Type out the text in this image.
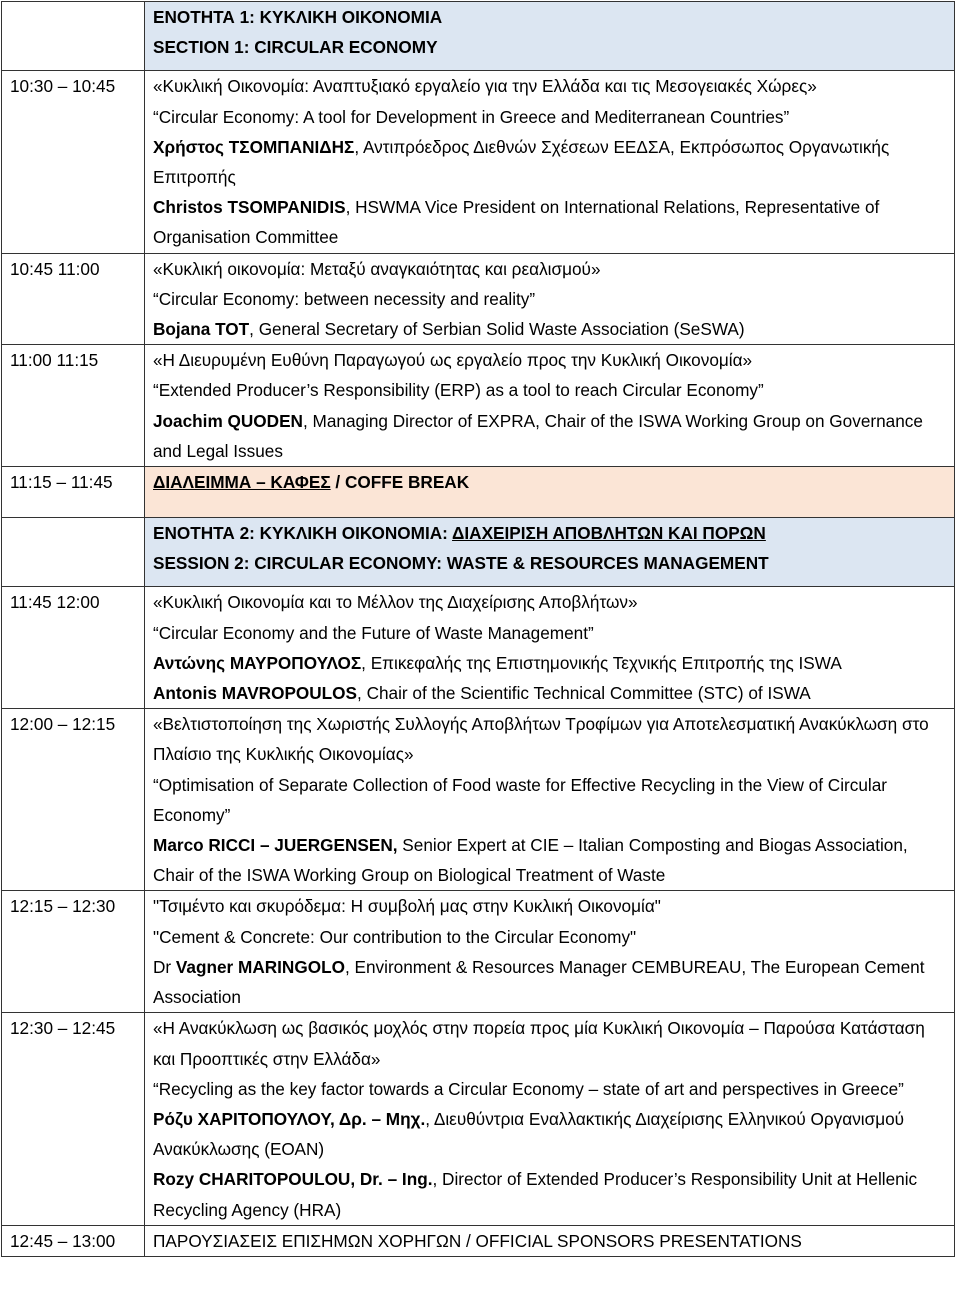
	ΕΝΟΤΗΤΑ 1: ΚΥΚΛΙΚΗ ΟΙΚΟΝΟΜΙΑ
SECTION 1: CIRCULAR ECONOMY

10:30 – 10:45	«Κυκλική Οικονομία: Αναπτυξιακό εργαλείο για την Ελλάδα και τις Μεσογειακές Χώρες»
“Circular Economy: A tool for Development in Greece and Mediterranean Countries”
Χρήστος ΤΣΟΜΠΑΝΙΔΗΣ, Αντιπρόεδρος Διεθνών Σχέσεων ΕΕΔΣΑ, Εκπρόσωπος Οργανωτικής Επιτροπής
Christos TSOMPANIDIS, HSWMA Vice President on International Relations, Representative of Organisation Committee

10:45 11:00	«Κυκλική οικονομία: Μεταξύ αναγκαιότητας και ρεαλισμού»
“Circular Economy: between necessity and reality”
Bojana TOT, General Secretary of Serbian Solid Waste Association (SeSWA)

11:00 11:15	«Η Διευρυμένη Ευθύνη Παραγωγού ως εργαλείο προς την Κυκλική Οικονομία»
“Extended Producer’s Responsibility (ERP) as a tool to reach Circular Economy”
Joachim QUODEN, Managing Director of EXPRA, Chair of the ISWA Working Group on Governance and Legal Issues

11:15 – 11:45	ΔΙΑΛΕΙΜΜΑ – ΚΑΦΕΣ / COFFE BREAK

	ΕΝΟΤΗΤΑ 2: ΚΥΚΛΙΚΗ ΟΙΚΟΝΟΜΙΑ: ΔΙΑΧΕΙΡΙΣΗ ΑΠΟΒΛΗΤΩΝ ΚΑΙ ΠΟΡΩΝ
SESSION 2: CIRCULAR ECONOMY: WASTE & RESOURCES MANAGEMENT

11:45 12:00	«Κυκλική Οικονομία και το Μέλλον της Διαχείρισης Αποβλήτων»
“Circular Economy and the Future of Waste Management”
Αντώνης ΜΑΥΡΟΠΟΥΛΟΣ, Επικεφαλής της Επιστημονικής Τεχνικής Επιτροπής της ISWA
Antonis MAVROPOULOS, Chair of the Scientific Technical Committee (STC) of ISWA

12:00 – 12:15	«Βελτιστοποίηση της Χωριστής Συλλογής Αποβλήτων Τροφίμων για Αποτελεσματική Ανακύκλωση στο Πλαίσιο της Κυκλικής Οικονομίας»
“Optimisation of Separate Collection of Food waste for Effective Recycling in the View of Circular Economy”
Marco RICCI – JUERGENSEN, Senior Expert at CIE – Italian Composting and Biogas Association, Chair of the ISWA Working Group on Biological Treatment of Waste

12:15 – 12:30	"Τσιμέντο και σκυρόδεμα: Η συμβολή μας στην Κυκλική Οικονομία"
"Cement & Concrete: Our contribution to the Circular Economy"
Dr Vagner MARINGOLO, Environment & Resources Manager CEMBUREAU, The European Cement Association

12:30 – 12:45	«Η Ανακύκλωση ως βασικός μοχλός στην πορεία προς μία Κυκλική Οικονομία – Παρούσα Κατάσταση και Προοπτικές στην Ελλάδα»
“Recycling as the key factor towards a Circular Economy – state of art and perspectives in Greece”
Ρόζυ ΧΑΡΙΤΟΠΟΥΛΟΥ, Δρ. – Μηχ., Διευθύντρια Εναλλακτικής Διαχείρισης Ελληνικού Οργανισμού Ανακύκλωσης (ΕΟΑΝ)
Rozy CHARITOPOULOU, Dr. – Ing., Director of Extended Producer’s Responsibility Unit at Hellenic Recycling Agency (HRA)

12:45 – 13:00	ΠΑΡΟΥΣΙΑΣΕΙΣ ΕΠΙΣΗΜΩΝ ΧΟΡΗΓΩΝ / OFFICIAL SPONSORS PRESENTATIONS
